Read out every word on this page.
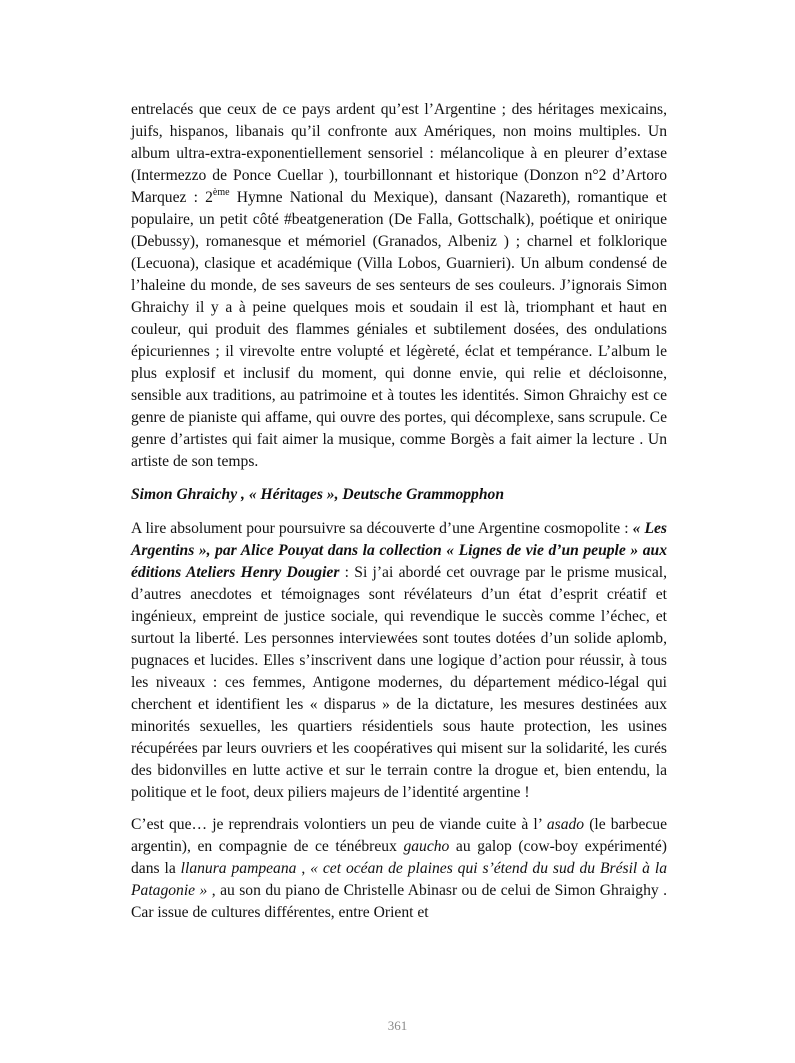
entrelacés que ceux de ce pays ardent qu’est l’Argentine ; des héritages mexicains, juifs, hispanos, libanais qu’il confronte aux Amériques, non moins multiples. Un album ultra-extra-exponentiellement sensoriel : mélancolique à en pleurer d’extase (Intermezzo de Ponce Cuellar ), tourbillonnant et historique (Donzon n°2 d’Artoro Marquez : 2ème Hymne National du Mexique), dansant (Nazareth), romantique et populaire, un petit côté #beatgeneration (De Falla, Gottschalk), poétique et onirique (Debussy), romanesque et mémoriel (Granados, Albeniz ) ; charnel et folklorique (Lecuona), clasique et académique (Villa Lobos, Guarnieri). Un album condensé de l’haleine du monde, de ses saveurs de ses senteurs de ses couleurs. J’ignorais Simon Ghraichy il y a à peine quelques mois et soudain il est là, triomphant et haut en couleur, qui produit des flammes géniales et subtilement dosées, des ondulations épicuriennes ; il virevolte entre volupté et légèreté, éclat et tempérance. L’album le plus explosif et inclusif du moment, qui donne envie, qui relie et décloisonne, sensible aux traditions, au patrimoine et à toutes les identités. Simon Ghraichy est ce genre de pianiste qui affame, qui ouvre des portes, qui décomplexe, sans scrupule. Ce genre d’artistes qui fait aimer la musique, comme Borgès a fait aimer la lecture . Un artiste de son temps.

Simon Ghraichy , « Héritages », Deutsche Grammopphon

A lire absolument pour poursuivre sa découverte d’une Argentine cosmopolite : « Les Argentins », par Alice Pouyat dans la collection « Lignes de vie d’un peuple » aux éditions Ateliers Henry Dougier : Si j’ai abordé cet ouvrage par le prisme musical, d’autres anecdotes et témoignages sont révélateurs d’un état d’esprit créatif et ingénieux, empreint de justice sociale, qui revendique le succès comme l’échec, et surtout la liberté. Les personnes interviewées sont toutes dotées d’un solide aplomb, pugnaces et lucides. Elles s’inscrivent dans une logique d’action pour réussir, à tous les niveaux : ces femmes, Antigone modernes, du département médico-légal qui cherchent et identifient les « disparus » de la dictature, les mesures destinées aux minorités sexuelles, les quartiers résidentiels sous haute protection, les usines récupérées par leurs ouvriers et les coopératives qui misent sur la solidarité, les curés des bidonvilles en lutte active et sur le terrain contre la drogue et, bien entendu, la politique et le foot, deux piliers majeurs de l’identité argentine !

C’est que… je reprendrais volontiers un peu de viande cuite à l’ asado (le barbecue argentin), en compagnie de ce ténébreux gaucho au galop (cow-boy expérimenté) dans la llanura pampeana , « cet océan de plaines qui s’étend du sud du Brésil à la Patagonie » , au son du piano de Christelle Abinasr ou de celui de Simon Ghraighy . Car issue de cultures différentes, entre Orient et

361
